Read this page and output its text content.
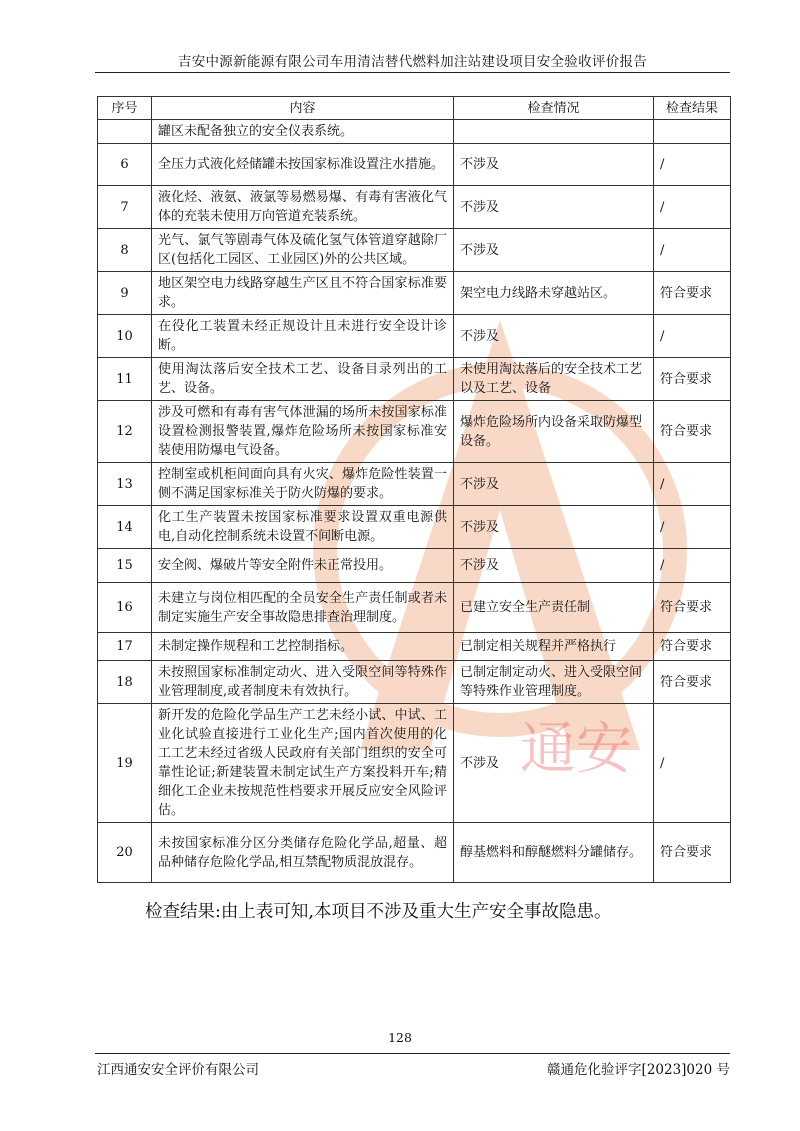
吉安中源新能源有限公司车用清洁替代燃料加注站建设项目安全验收评价报告
通安
序号	内容	检查情况	检查结果
	罐区未配备独立的安全仪表系统。		
6	全压力式液化烃储罐未按国家标准设置注水措施。	不涉及	/
7	液化烃、液氨、液氯等易燃易爆、有毒有害液化气体的充装未使用万向管道充装系统。	不涉及	/
8	光气、氯气等剧毒气体及硫化氢气体管道穿越除厂区(包括化工园区、工业园区)外的公共区域。	不涉及	/
9	地区架空电力线路穿越生产区且不符合国家标准要求。	架空电力线路未穿越站区。	符合要求
10	在役化工装置未经正规设计且未进行安全设计诊断。	不涉及	/
11	使用淘汰落后安全技术工艺、设备目录列出的工艺、设备。	未使用淘汰落后的安全技术工艺以及工艺、设备	符合要求
12	涉及可燃和有毒有害气体泄漏的场所未按国家标准设置检测报警装置,爆炸危险场所未按国家标准安装使用防爆电气设备。	爆炸危险场所内设备采取防爆型设备。	符合要求
13	控制室或机柜间面向具有火灾、爆炸危险性装置一侧不满足国家标准关于防火防爆的要求。	不涉及	/
14	化工生产装置未按国家标准要求设置双重电源供电,自动化控制系统未设置不间断电源。	不涉及	/
15	安全阀、爆破片等安全附件未正常投用。	不涉及	/
16	未建立与岗位相匹配的全员安全生产责任制或者未制定实施生产安全事故隐患排查治理制度。	已建立安全生产责任制	符合要求
17	未制定操作规程和工艺控制指标。	已制定相关规程并严格执行	符合要求
18	未按照国家标准制定动火、进入受限空间等特殊作业管理制度,或者制度未有效执行。	已制定制定动火、进入受限空间等特殊作业管理制度。	符合要求
19	新开发的危险化学品生产工艺未经小试、中试、工业化试验直接进行工业化生产;国内首次使用的化工工艺未经过省级人民政府有关部门组织的安全可靠性论证;新建装置未制定试生产方案投料开车;精细化工企业未按规范性档要求开展反应安全风险评估。	不涉及	/
20	未按国家标准分区分类储存危险化学品,超量、超品种储存危险化学品,相互禁配物质混放混存。	醇基燃料和醇醚燃料分罐储存。	符合要求
检查结果:由上表可知,本项目不涉及重大生产安全事故隐患。
128
江西通安安全评价有限公司	赣通危化验评字[2023]020 号
